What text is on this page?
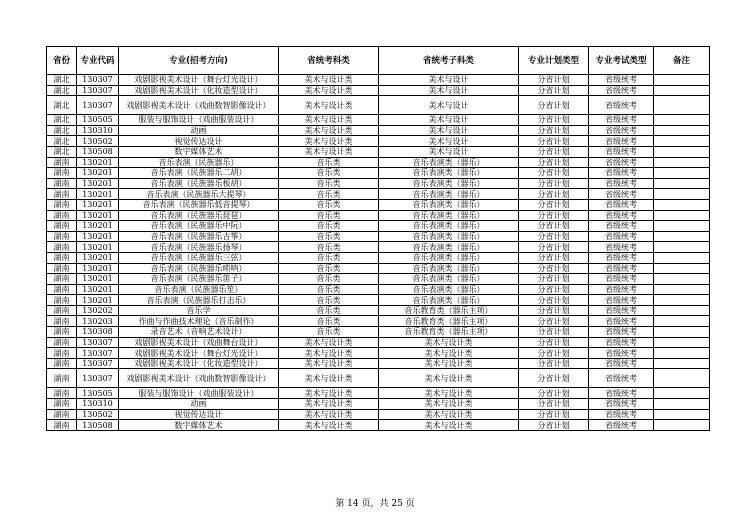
省份	专业代码	专业(招考方向)	省统考科类	省统考子科类	专业计划类型	专业考试类型	备注
湖北	130307	戏剧影视美术设计（舞台灯光设计）	美术与设计类	美术与设计	分省计划	省级统考	
湖北	130307	戏剧影视美术设计（化妆造型设计）	美术与设计类	美术与设计	分省计划	省级统考	
湖北	130307	戏剧影视美术设计（戏曲数智影像设计）	美术与设计类	美术与设计	分省计划	省级统考	
湖北	130505	服装与服饰设计（戏曲服装设计）	美术与设计类	美术与设计	分省计划	省级统考	
湖北	130310	动画	美术与设计类	美术与设计	分省计划	省级统考	
湖北	130502	视觉传达设计	美术与设计类	美术与设计	分省计划	省级统考	
湖北	130508	数字媒体艺术	美术与设计类	美术与设计	分省计划	省级统考	
湖南	130201	音乐表演（民族器乐）	音乐类	音乐表演类（器乐）	分省计划	省级统考	
湖南	130201	音乐表演（民族器乐二胡）	音乐类	音乐表演类（器乐）	分省计划	省级统考	
湖南	130201	音乐表演（民族器乐板胡）	音乐类	音乐表演类（器乐）	分省计划	省级统考	
湖南	130201	音乐表演（民族器乐大提琴）	音乐类	音乐表演类（器乐）	分省计划	省级统考	
湖南	130201	音乐表演（民族器乐低音提琴）	音乐类	音乐表演类（器乐）	分省计划	省级统考	
湖南	130201	音乐表演（民族器乐琵琶）	音乐类	音乐表演类（器乐）	分省计划	省级统考	
湖南	130201	音乐表演（民族器乐中阮）	音乐类	音乐表演类（器乐）	分省计划	省级统考	
湖南	130201	音乐表演（民族器乐古筝）	音乐类	音乐表演类（器乐）	分省计划	省级统考	
湖南	130201	音乐表演（民族器乐扬琴）	音乐类	音乐表演类（器乐）	分省计划	省级统考	
湖南	130201	音乐表演（民族器乐三弦）	音乐类	音乐表演类（器乐）	分省计划	省级统考	
湖南	130201	音乐表演（民族器乐唢呐）	音乐类	音乐表演类（器乐）	分省计划	省级统考	
湖南	130201	音乐表演（民族器乐笛子）	音乐类	音乐表演类（器乐）	分省计划	省级统考	
湖南	130201	音乐表演（民族器乐笙）	音乐类	音乐表演类（器乐）	分省计划	省级统考	
湖南	130201	音乐表演（民族器乐打击乐）	音乐类	音乐表演类（器乐）	分省计划	省级统考	
湖南	130202	音乐学	音乐类	音乐教育类（器乐主项）	分省计划	省级统考	
湖南	130203	作曲与作曲技术理论（音乐制作）	音乐类	音乐教育类（器乐主项）	分省计划	省级统考	
湖南	130308	录音艺术（音响艺术设计）	音乐类	音乐教育类（器乐主项）	分省计划	省级统考	
湖南	130307	戏剧影视美术设计（戏曲舞台设计）	美术与设计类	美术与设计类	分省计划	省级统考	
湖南	130307	戏剧影视美术设计（舞台灯光设计）	美术与设计类	美术与设计类	分省计划	省级统考	
湖南	130307	戏剧影视美术设计（化妆造型设计）	美术与设计类	美术与设计类	分省计划	省级统考	
湖南	130307	戏剧影视美术设计（戏曲数智影像设计）	美术与设计类	美术与设计类	分省计划	省级统考	
湖南	130505	服装与服饰设计（戏曲服装设计）	美术与设计类	美术与设计类	分省计划	省级统考	
湖南	130310	动画	美术与设计类	美术与设计类	分省计划	省级统考	
湖南	130502	视觉传达设计	美术与设计类	美术与设计类	分省计划	省级统考	
湖南	130508	数字媒体艺术	美术与设计类	美术与设计类	分省计划	省级统考	
第 14 页，共 25 页
